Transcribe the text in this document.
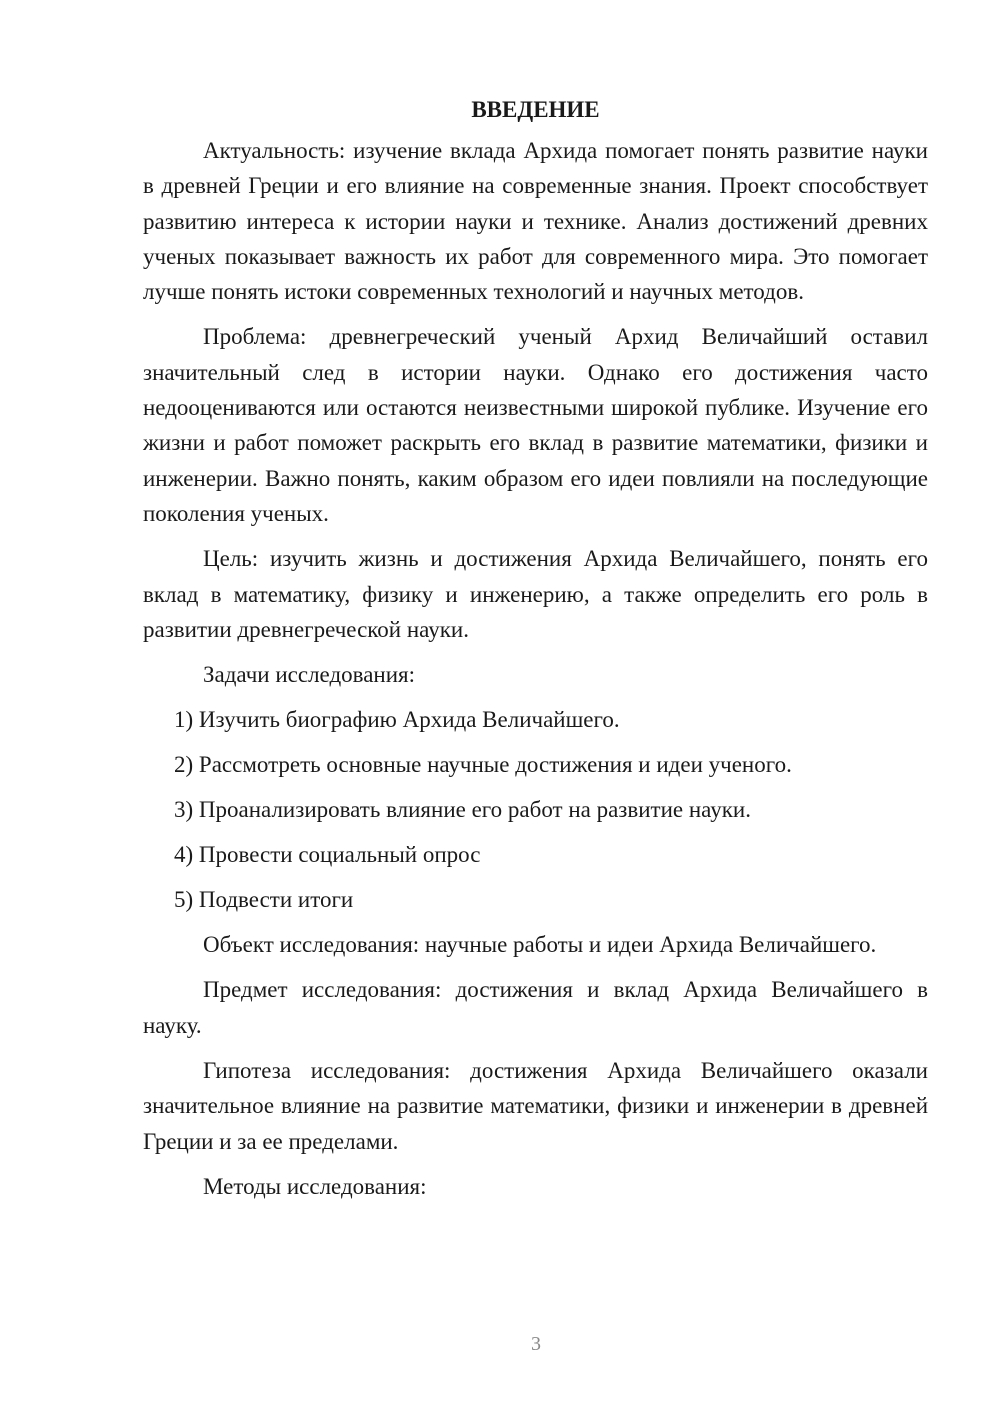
ВВЕДЕНИЕ

Актуальность: изучение вклада Архида помогает понять развитие науки в древней Греции и его влияние на современные знания. Проект способствует развитию интереса к истории науки и технике. Анализ достижений древних ученых показывает важность их работ для современного мира. Это помогает лучше понять истоки современных технологий и научных методов.

Проблема: древнегреческий ученый Архид Величайший оставил значительный след в истории науки. Однако его достижения часто недооцениваются или остаются неизвестными широкой публике. Изучение его жизни и работ поможет раскрыть его вклад в развитие математики, физики и инженерии. Важно понять, каким образом его идеи повлияли на последующие поколения ученых.

Цель: изучить жизнь и достижения Архида Величайшего, понять его вклад в математику, физику и инженерию, а также определить его роль в развитии древнегреческой науки.

Задачи исследования:

1) Изучить биографию Архида Величайшего.

2) Рассмотреть основные научные достижения и идеи ученого.

3) Проанализировать влияние его работ на развитие науки.

4) Провести социальный опрос

5) Подвести итоги

Объект исследования: научные работы и идеи Архида Величайшего.

Предмет исследования: достижения и вклад Архида Величайшего в науку.

Гипотеза исследования: достижения Архида Величайшего оказали значительное влияние на развитие математики, физики и инженерии в древней Греции и за ее пределами.

Методы исследования:

3
